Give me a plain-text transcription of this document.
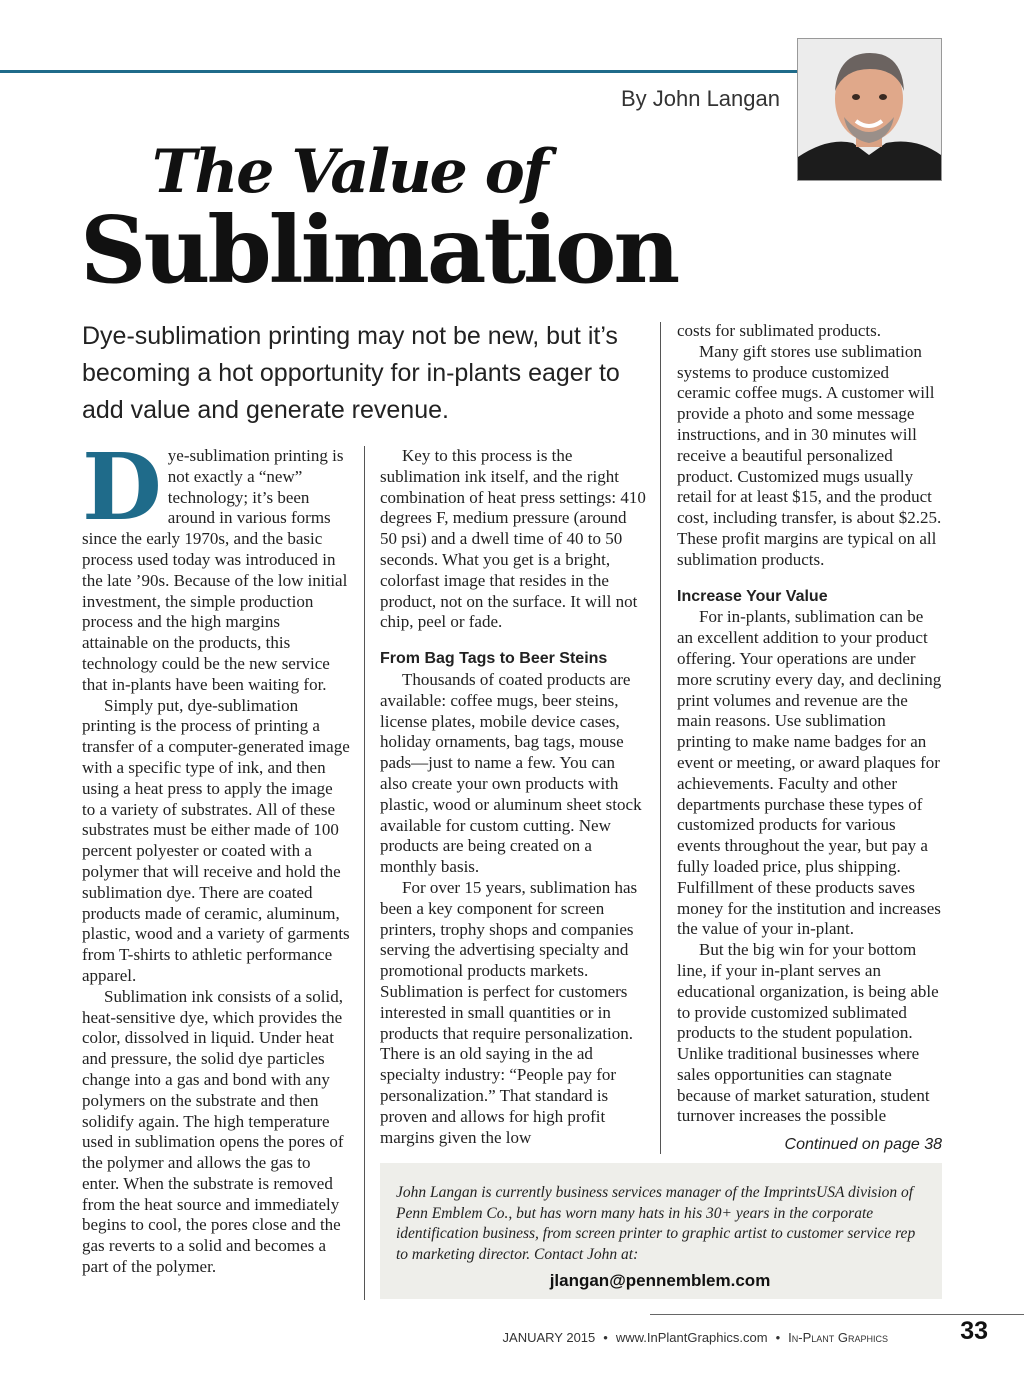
By John Langan
The Value of
Sublimation
Dye-sublimation printing may not be new, but it’s becoming a hot opportunity for in-plants eager to add value and generate revenue.

Dye-sublimation printing is not exactly a “new” technology; it’s been around in various forms since the early 1970s, and the basic process used today was introduced in the late ’90s. Because of the low initial investment, the simple production process and the high margins attainable on the products, this technology could be the new service that in-plants have been waiting for.

Simply put, dye-sublimation printing is the process of printing a transfer of a computer-generated image with a specific type of ink, and then using a heat press to apply the image to a variety of substrates. All of these substrates must be either made of 100 percent polyester or coated with a polymer that will receive and hold the sublimation dye. There are coated products made of ceramic, aluminum, plastic, wood and a variety of garments from T-shirts to athletic performance apparel.

Sublimation ink consists of a solid, heat-sensitive dye, which provides the color, dissolved in liquid. Under heat and pressure, the solid dye particles change into a gas and bond with any polymers on the substrate and then solidify again. The high temperature used in sublimation opens the pores of the polymer and allows the gas to enter. When the substrate is removed from the heat source and immediately begins to cool, the pores close and the gas reverts to a solid and becomes a part of the polymer.

Key to this process is the sublimation ink itself, and the right combination of heat press settings: 410 degrees F, medium pressure (around 50 psi) and a dwell time of 40 to 50 seconds. What you get is a bright, colorfast image that resides in the product, not on the surface. It will not chip, peel or fade.

From Bag Tags to Beer Steins

Thousands of coated products are available: coffee mugs, beer steins, license plates, mobile device cases, holiday ornaments, bag tags, mouse pads—just to name a few. You can also create your own products with plastic, wood or aluminum sheet stock available for custom cutting. New products are being created on a monthly basis.

For over 15 years, sublimation has been a key component for screen printers, trophy shops and companies serving the advertising specialty and promotional products markets. Sublimation is perfect for customers interested in small quantities or in products that require personalization. There is an old saying in the ad specialty industry: “People pay for personalization.” That standard is proven and allows for high profit margins given the low

costs for sublimated products.

Many gift stores use sublimation systems to produce customized ceramic coffee mugs. A customer will provide a photo and some message instructions, and in 30 minutes will receive a beautiful personalized product. Customized mugs usually retail for at least $15, and the product cost, including transfer, is about $2.25. These profit margins are typical on all sublimation products.

Increase Your Value

For in-plants, sublimation can be an excellent addition to your product offering. Your operations are under more scrutiny every day, and declining print volumes and revenue are the main reasons. Use sublimation printing to make name badges for an event or meeting, or award plaques for achievements. Faculty and other departments purchase these types of customized products for various events throughout the year, but pay a fully loaded price, plus shipping. Fulfillment of these products saves money for the institution and increases the value of your in-plant.

But the big win for your bottom line, if your in-plant serves an educational organization, is being able to provide customized sublimated products to the student population. Unlike traditional businesses where sales opportunities can stagnate because of market saturation, student turnover increases the possible

Continued on page 38
John Langan is currently business services manager of the ImprintsUSA division of Penn Emblem Co., but has worn many hats in his 30+ years in the corporate identification business, from screen printer to graphic artist to customer service rep to marketing director. Contact John at:
jlangan@pennemblem.com
JANUARY 2015 • www.InPlantGraphics.com • In-Plant Graphics	33
